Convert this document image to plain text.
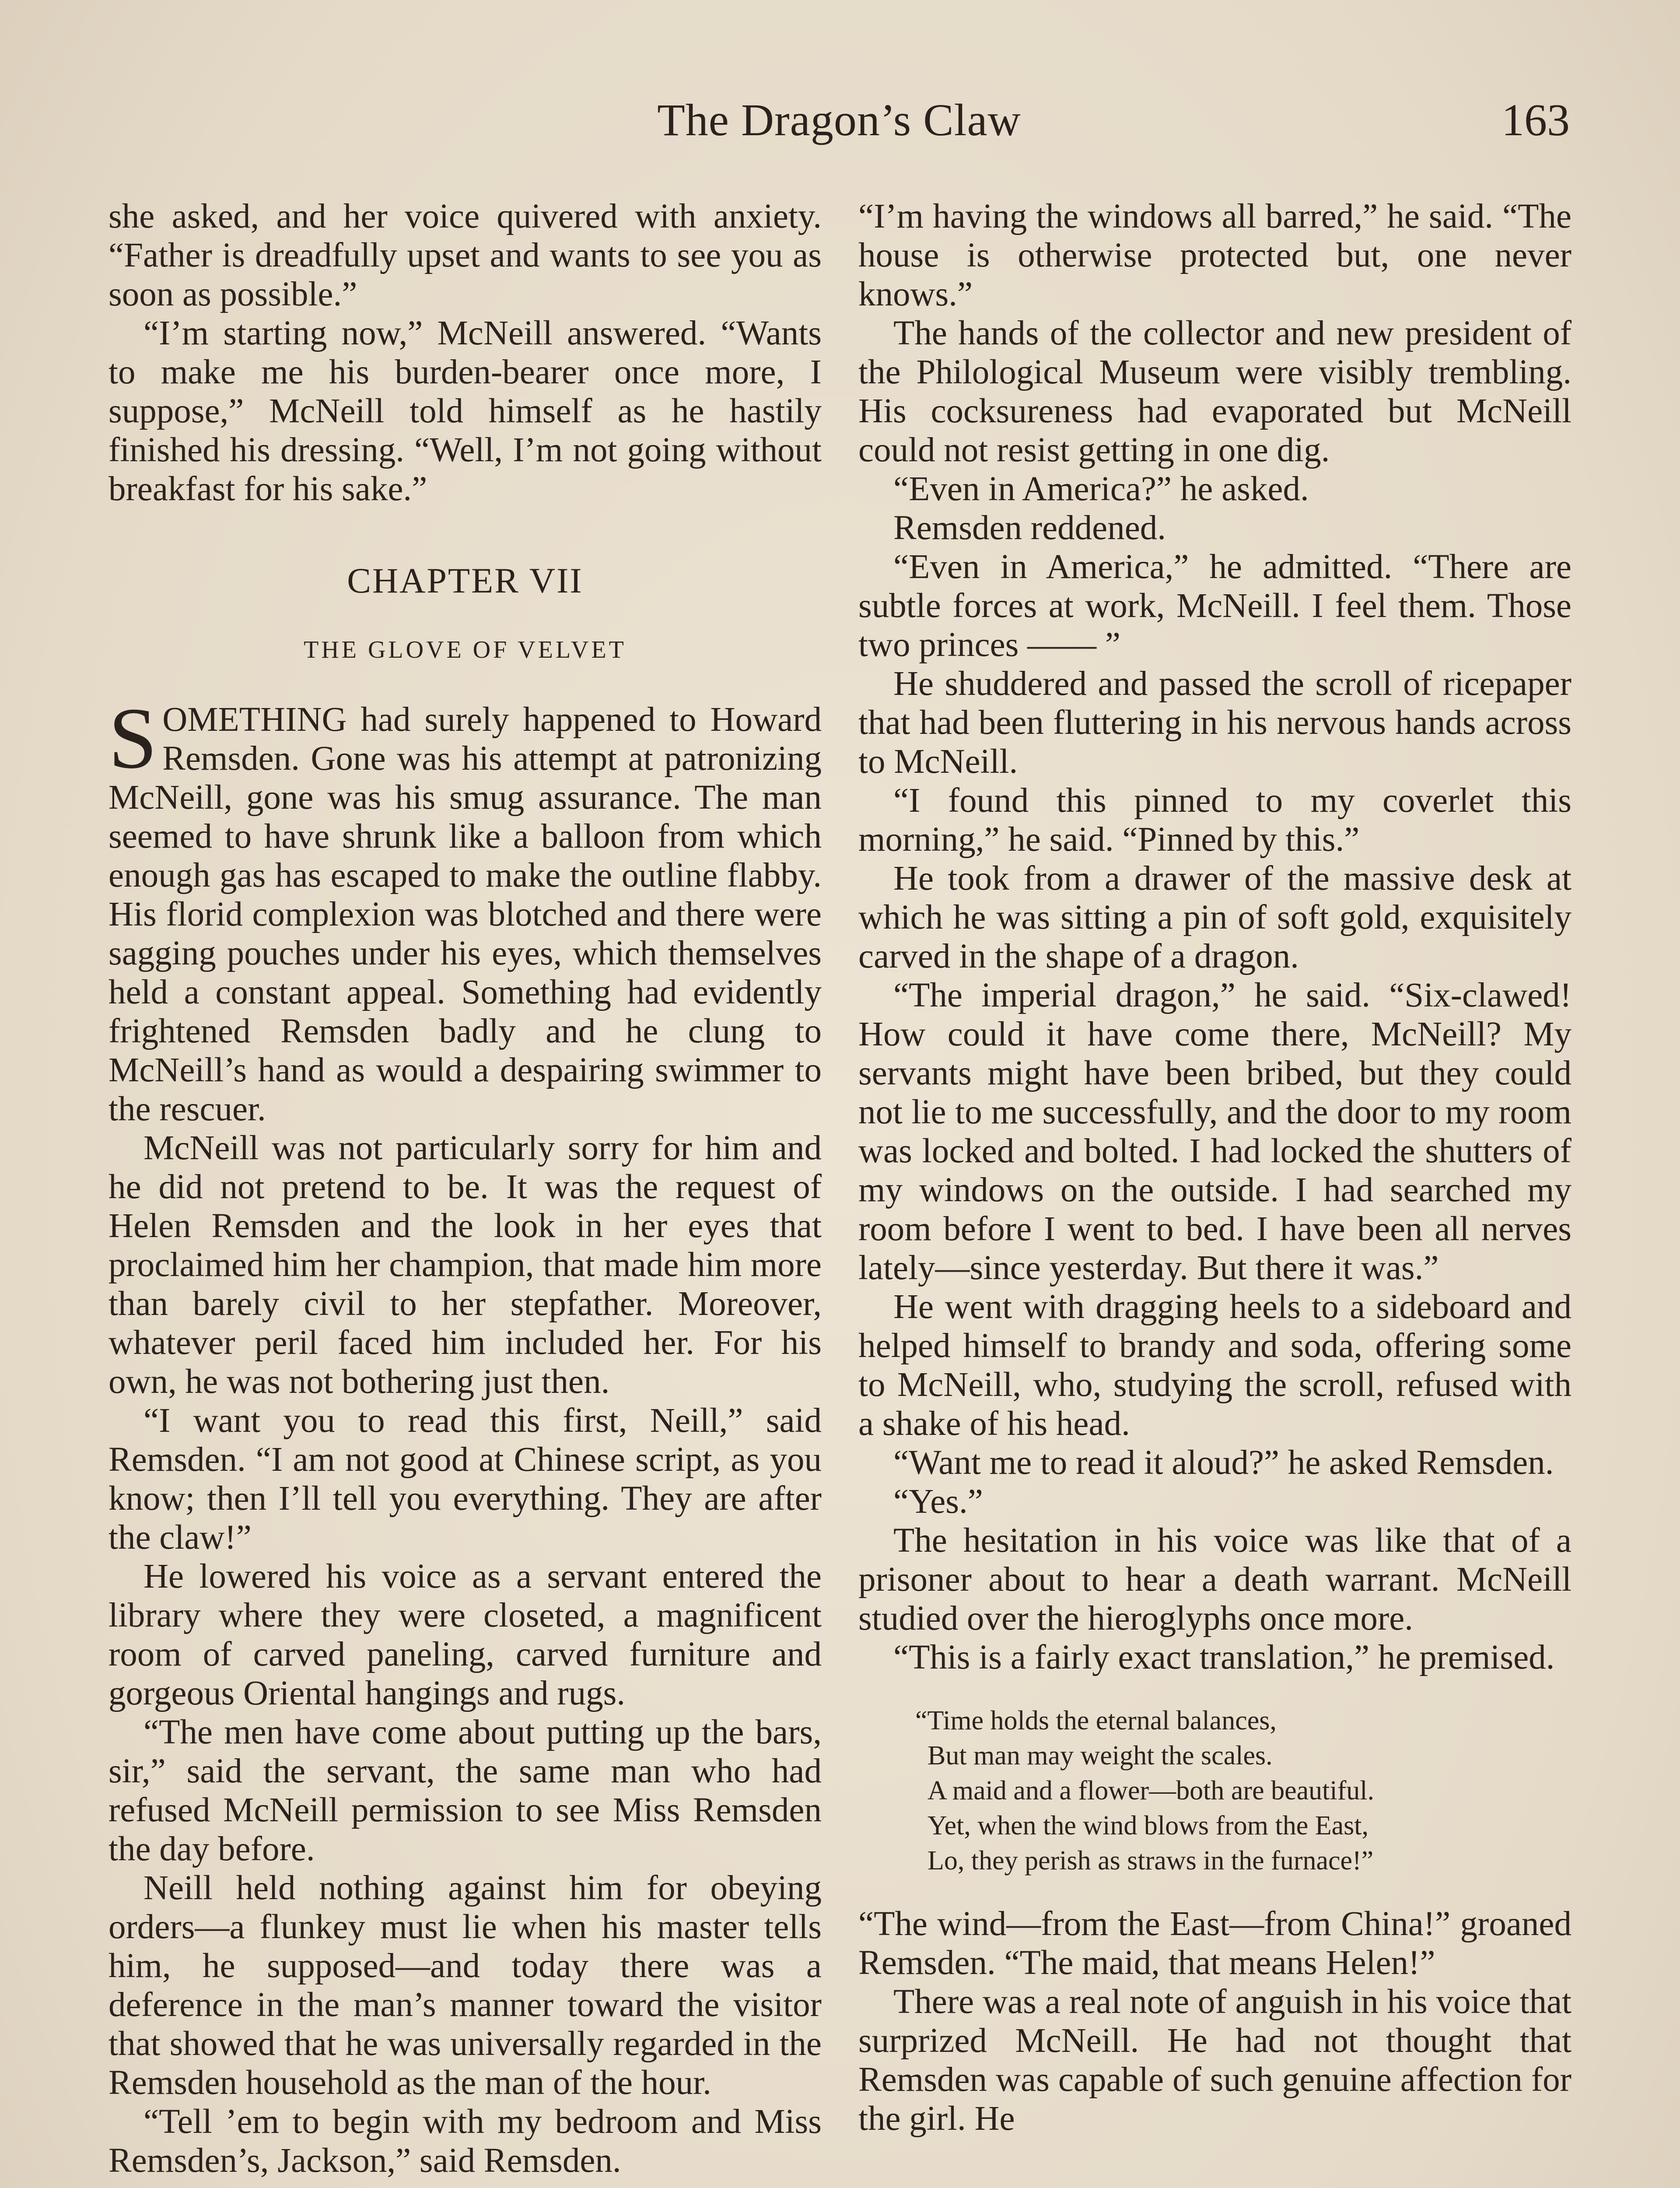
The Dragon’s Claw	163

she asked, and her voice quivered with anxiety. “Father is dreadfully upset and wants to see you as soon as possible.”

“I’m starting now,” McNeill answered. “Wants to make me his burden-bearer once more, I suppose,” McNeill told himself as he hastily finished his dressing. “Well, I’m not going without breakfast for his sake.”

CHAPTER VII
THE GLOVE OF VELVET

SOMETHING had surely happened to Howard Remsden. Gone was his attempt at patronizing McNeill, gone was his smug assurance. The man seemed to have shrunk like a balloon from which enough gas has escaped to make the outline flabby. His florid complexion was blotched and there were sagging pouches under his eyes, which themselves held a constant appeal. Something had evidently frightened Remsden badly and he clung to McNeill’s hand as would a despairing swimmer to the rescuer.

McNeill was not particularly sorry for him and he did not pretend to be. It was the request of Helen Remsden and the look in her eyes that proclaimed him her champion, that made him more than barely civil to her stepfather. Moreover, whatever peril faced him included her. For his own, he was not bothering just then.

“I want you to read this first, Neill,” said Remsden. “I am not good at Chinese script, as you know; then I’ll tell you everything. They are after the claw!”

He lowered his voice as a servant entered the library where they were closeted, a magnificent room of carved paneling, carved furniture and gorgeous Oriental hangings and rugs.

“The men have come about putting up the bars, sir,” said the servant, the same man who had refused McNeill permission to see Miss Remsden the day before.

Neill held nothing against him for obeying orders—a flunkey must lie when his master tells him, he supposed—and today there was a deference in the man’s manner toward the visitor that showed that he was universally regarded in the Remsden household as the man of the hour.

“Tell ’em to begin with my bedroom and Miss Remsden’s, Jackson,” said Remsden.

“I’m having the windows all barred,” he said. “The house is otherwise protected but, one never knows.”

The hands of the collector and new president of the Philological Museum were visibly trembling. His cocksureness had evaporated but McNeill could not resist getting in one dig.

“Even in America?” he asked.

Remsden reddened.

“Even in America,” he admitted. “There are subtle forces at work, McNeill. I feel them. Those two princes —— ”

He shuddered and passed the scroll of ricepaper that had been fluttering in his nervous hands across to McNeill.

“I found this pinned to my coverlet this morning,” he said. “Pinned by this.”

He took from a drawer of the massive desk at which he was sitting a pin of soft gold, exquisitely carved in the shape of a dragon.

“The imperial dragon,” he said. “Six-clawed! How could it have come there, McNeill? My servants might have been bribed, but they could not lie to me successfully, and the door to my room was locked and bolted. I had locked the shutters of my windows on the outside. I had searched my room before I went to bed. I have been all nerves lately—since yesterday. But there it was.”

He went with dragging heels to a sideboard and helped himself to brandy and soda, offering some to McNeill, who, studying the scroll, refused with a shake of his head.

“Want me to read it aloud?” he asked Remsden.

“Yes.”

The hesitation in his voice was like that of a prisoner about to hear a death warrant. McNeill studied over the hieroglyphs once more.

“This is a fairly exact translation,” he premised.

“Time holds the eternal balances,
But man may weight the scales.
A maid and a flower—both are beautiful.
Yet, when the wind blows from the East,
Lo, they perish as straws in the furnace!”

“The wind—from the East—from China!” groaned Remsden. “The maid, that means Helen!”

There was a real note of anguish in his voice that surprized McNeill. He had not thought that Remsden was capable of such genuine affection for the girl. He
